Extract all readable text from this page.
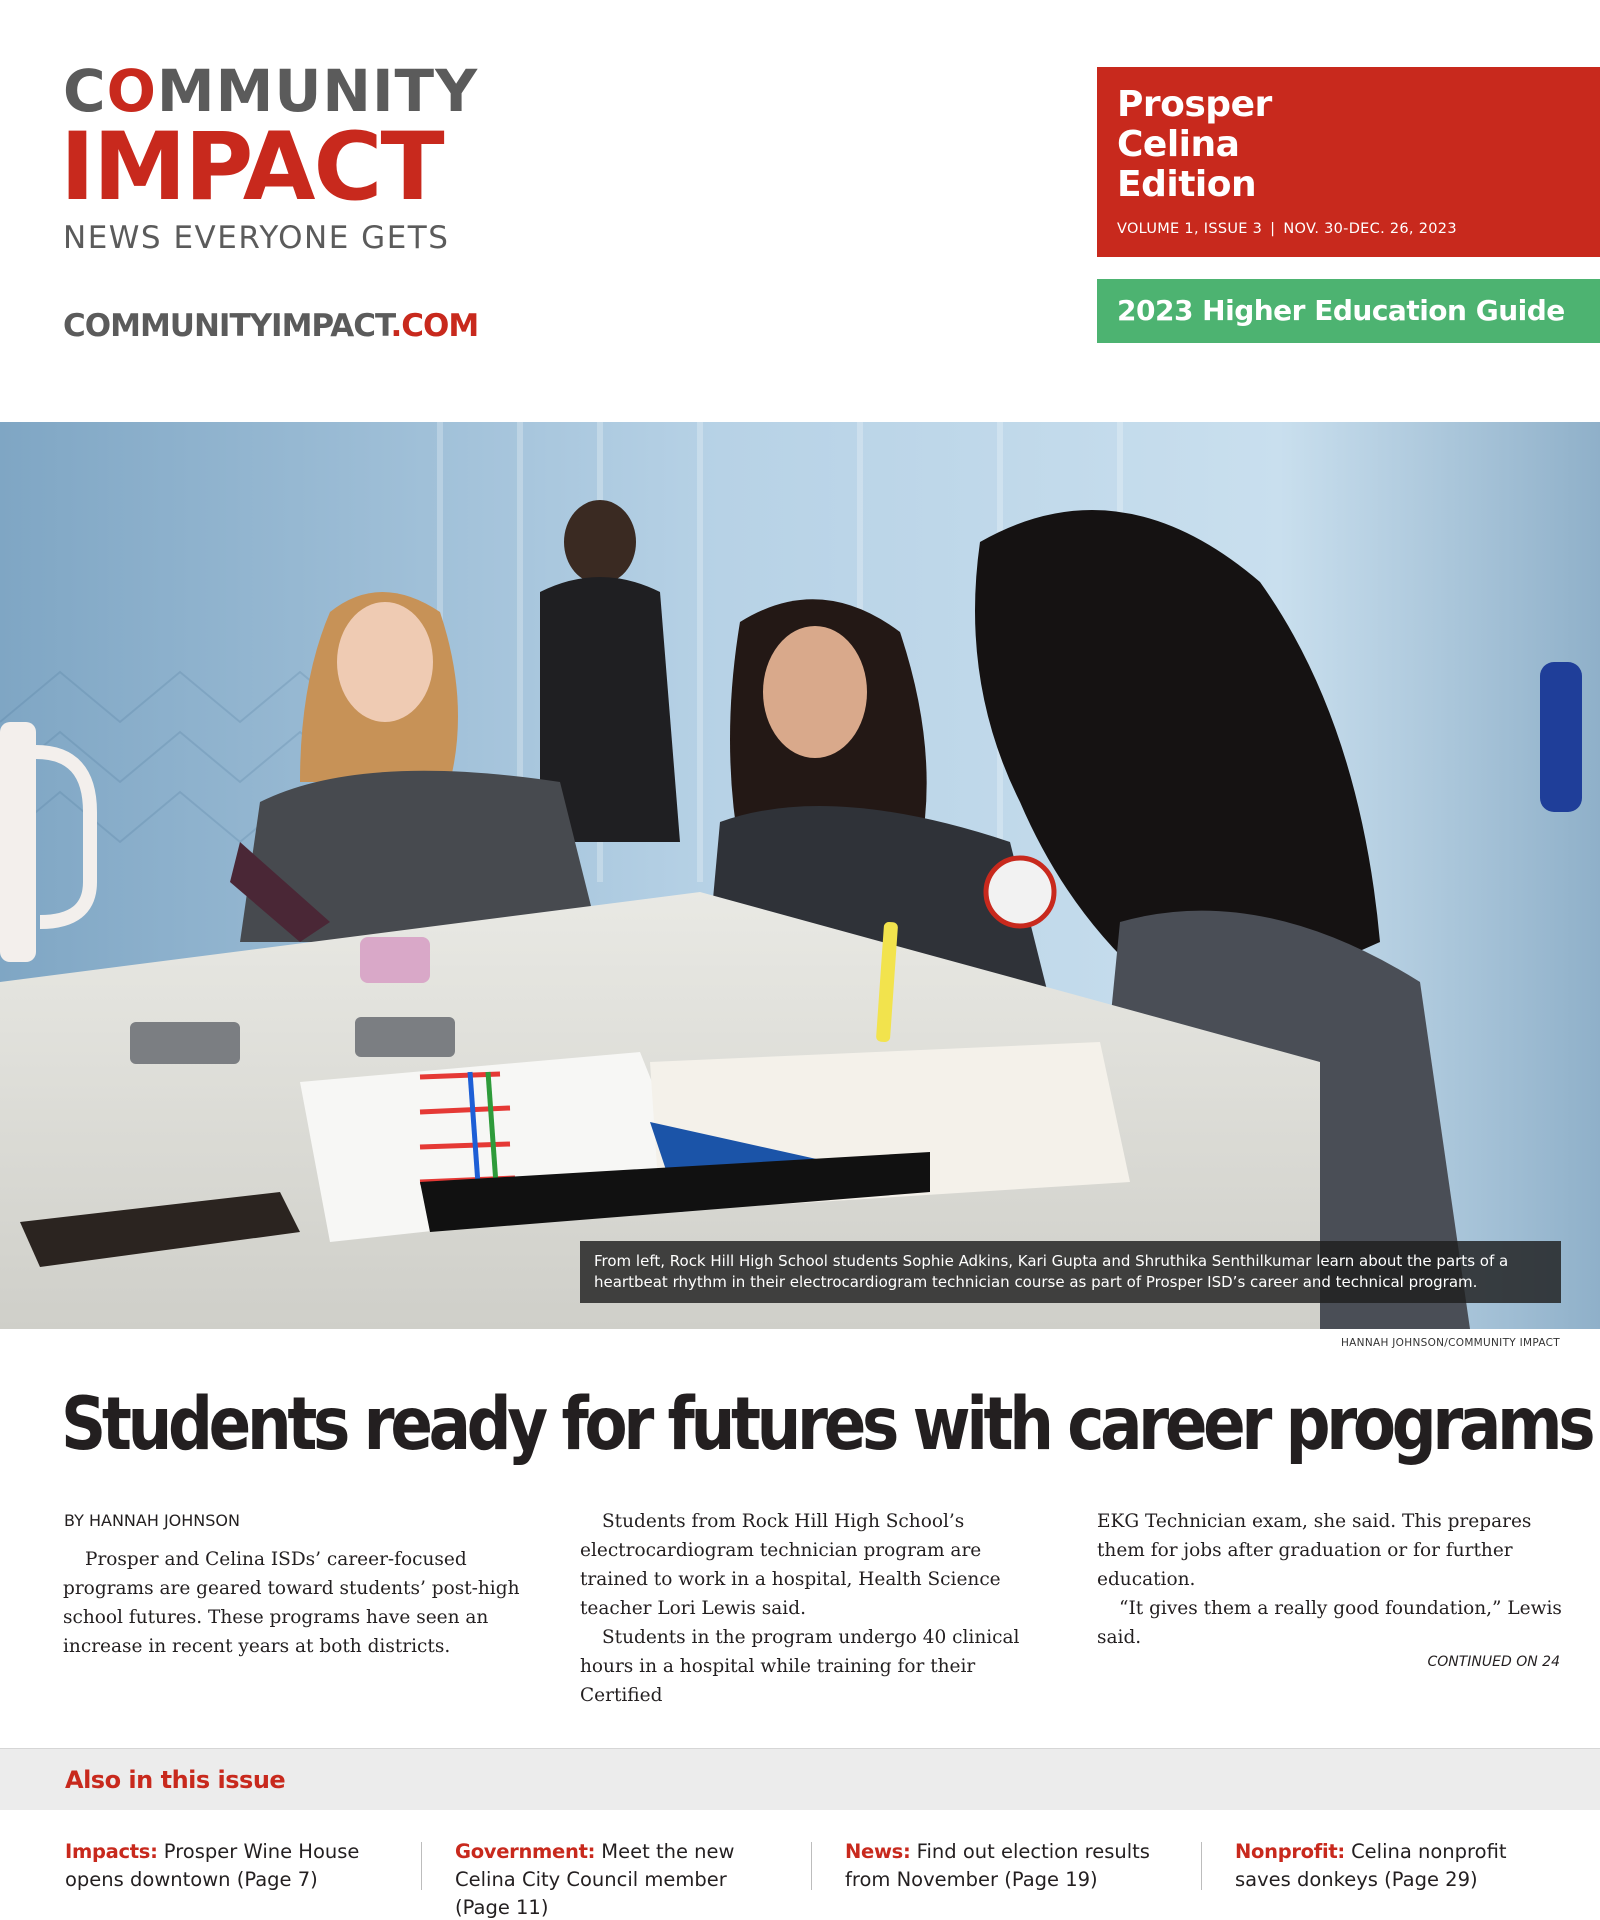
COMMUNITY
IMPACT
NEWS EVERYONE GETS
COMMUNITYIMPACT.COM
Prosper
Celina
Edition
VOLUME 1, ISSUE 3 | NOV. 30-DEC. 26, 2023
2023 Higher Education Guide
From left, Rock Hill High School students Sophie Adkins, Kari Gupta and Shruthika Senthilkumar learn about the parts of a heartbeat rhythm in their electrocardiogram technician course as part of Prosper ISD’s career and technical program.
HANNAH JOHNSON/COMMUNITY IMPACT
Students ready for futures with career programs
BY HANNAH JOHNSON

Prosper and Celina ISDs’ career-focused programs are geared toward students’ post-high school futures. These programs have seen an increase in recent years at both districts.

Students from Rock Hill High School’s electrocardiogram technician program are trained to work in a hospital, Health Science teacher Lori Lewis said.

Students in the program undergo 40 clinical hours in a hospital while training for their Certified

EKG Technician exam, she said. This prepares them for jobs after graduation or for further education.

“It gives them a really good foundation,” Lewis said.

CONTINUED ON 24
Also in this issue
Impacts: Prosper Wine House opens downtown (Page 7)
Government: Meet the new Celina City Council member (Page 11)
News: Find out election results from November (Page 19)
Nonprofit: Celina nonprofit saves donkeys (Page 29)
